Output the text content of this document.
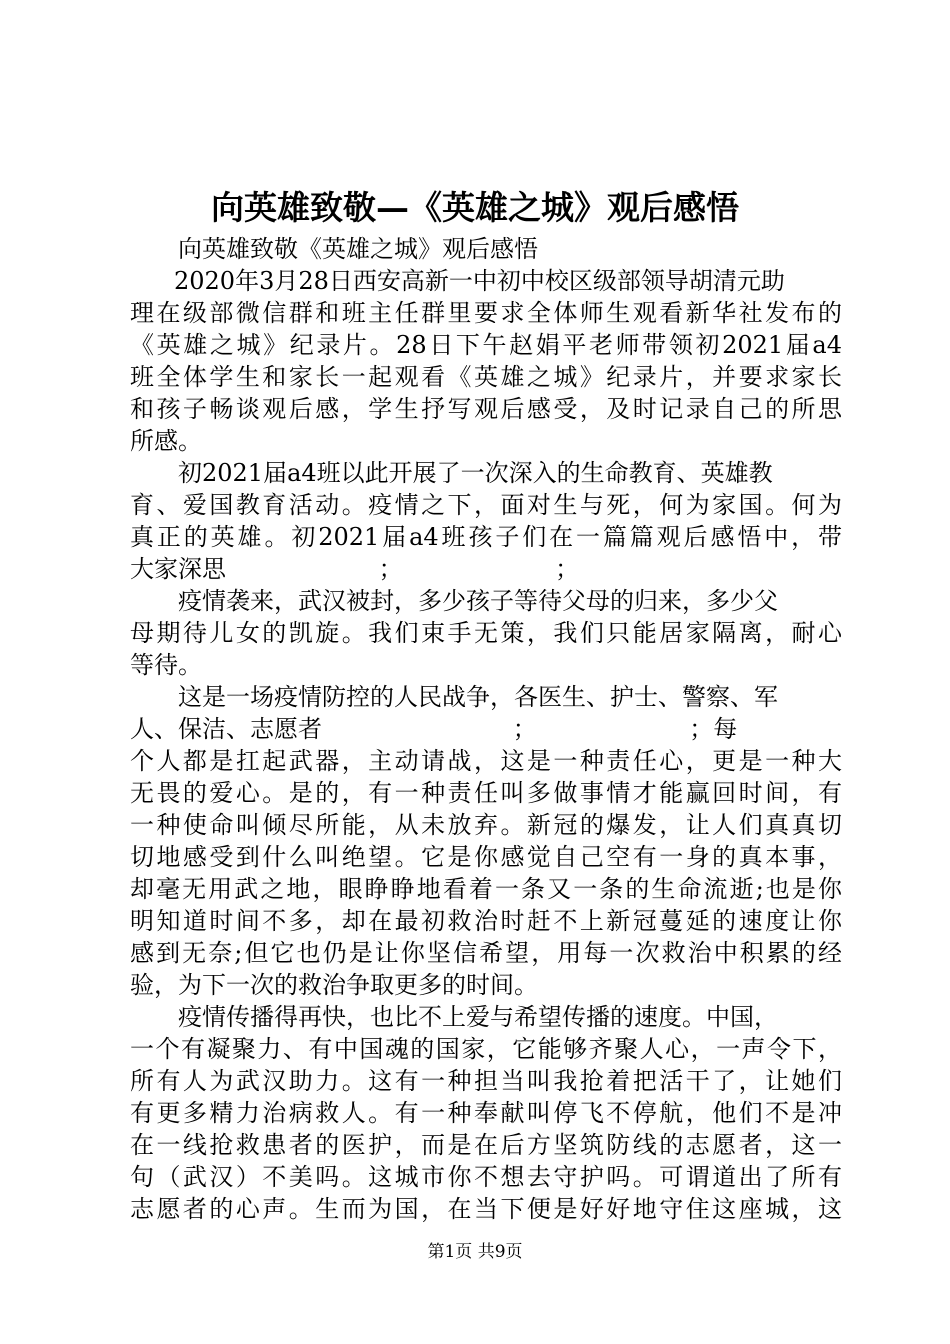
向英雄致敬—《英雄之城》观后感悟
向英雄致敬《英雄之城》观后感悟
2020年3月28日西安高新一中初中校区级部领导胡清元助
理在级部微信群和班主任群里要求全体师生观看新华社发布的
《英雄之城》纪录片。28日下午赵娟平老师带领初2021届a4
班全体学生和家长一起观看《英雄之城》纪录片，并要求家长
和孩子畅谈观后感，学生抒写观后感受，及时记录自己的所思
所感。
初2021届a4班以此开展了一次深入的生命教育、英雄教
育、爱国教育活动。疫情之下，面对生与死，何为家国。何为
真正的英雄。初2021届a4班孩子们在一篇篇观后感悟中，带
大家深思                    ；                    ；
疫情袭来，武汉被封，多少孩子等待父母的归来，多少父
母期待儿女的凯旋。我们束手无策，我们只能居家隔离，耐心
等待。
这是一场疫情防控的人民战争，各医生、护士、警察、军
人、保洁、志愿者                         ；                    ；每
个人都是扛起武器，主动请战，这是一种责任心，更是一种大
无畏的爱心。是的，有一种责任叫多做事情才能赢回时间，有
一种使命叫倾尽所能，从未放弃。新冠的爆发，让人们真真切
切地感受到什么叫绝望。它是你感觉自己空有一身的真本事，
却毫无用武之地，眼睁睁地看着一条又一条的生命流逝;也是你
明知道时间不多，却在最初救治时赶不上新冠蔓延的速度让你
感到无奈;但它也仍是让你坚信希望，用每一次救治中积累的经
验，为下一次的救治争取更多的时间。
疫情传播得再快，也比不上爱与希望传播的速度。中国，
一个有凝聚力、有中国魂的国家，它能够齐聚人心，一声令下，
所有人为武汉助力。这有一种担当叫我抢着把活干了，让她们
有更多精力治病救人。有一种奉献叫停飞不停航，他们不是冲
在一线抢救患者的医护，而是在后方坚筑防线的志愿者，这一
句（武汉）不美吗。这城市你不想去守护吗。可谓道出了所有
志愿者的心声。生而为国，在当下便是好好地守住这座城，这
第1页 共9页
